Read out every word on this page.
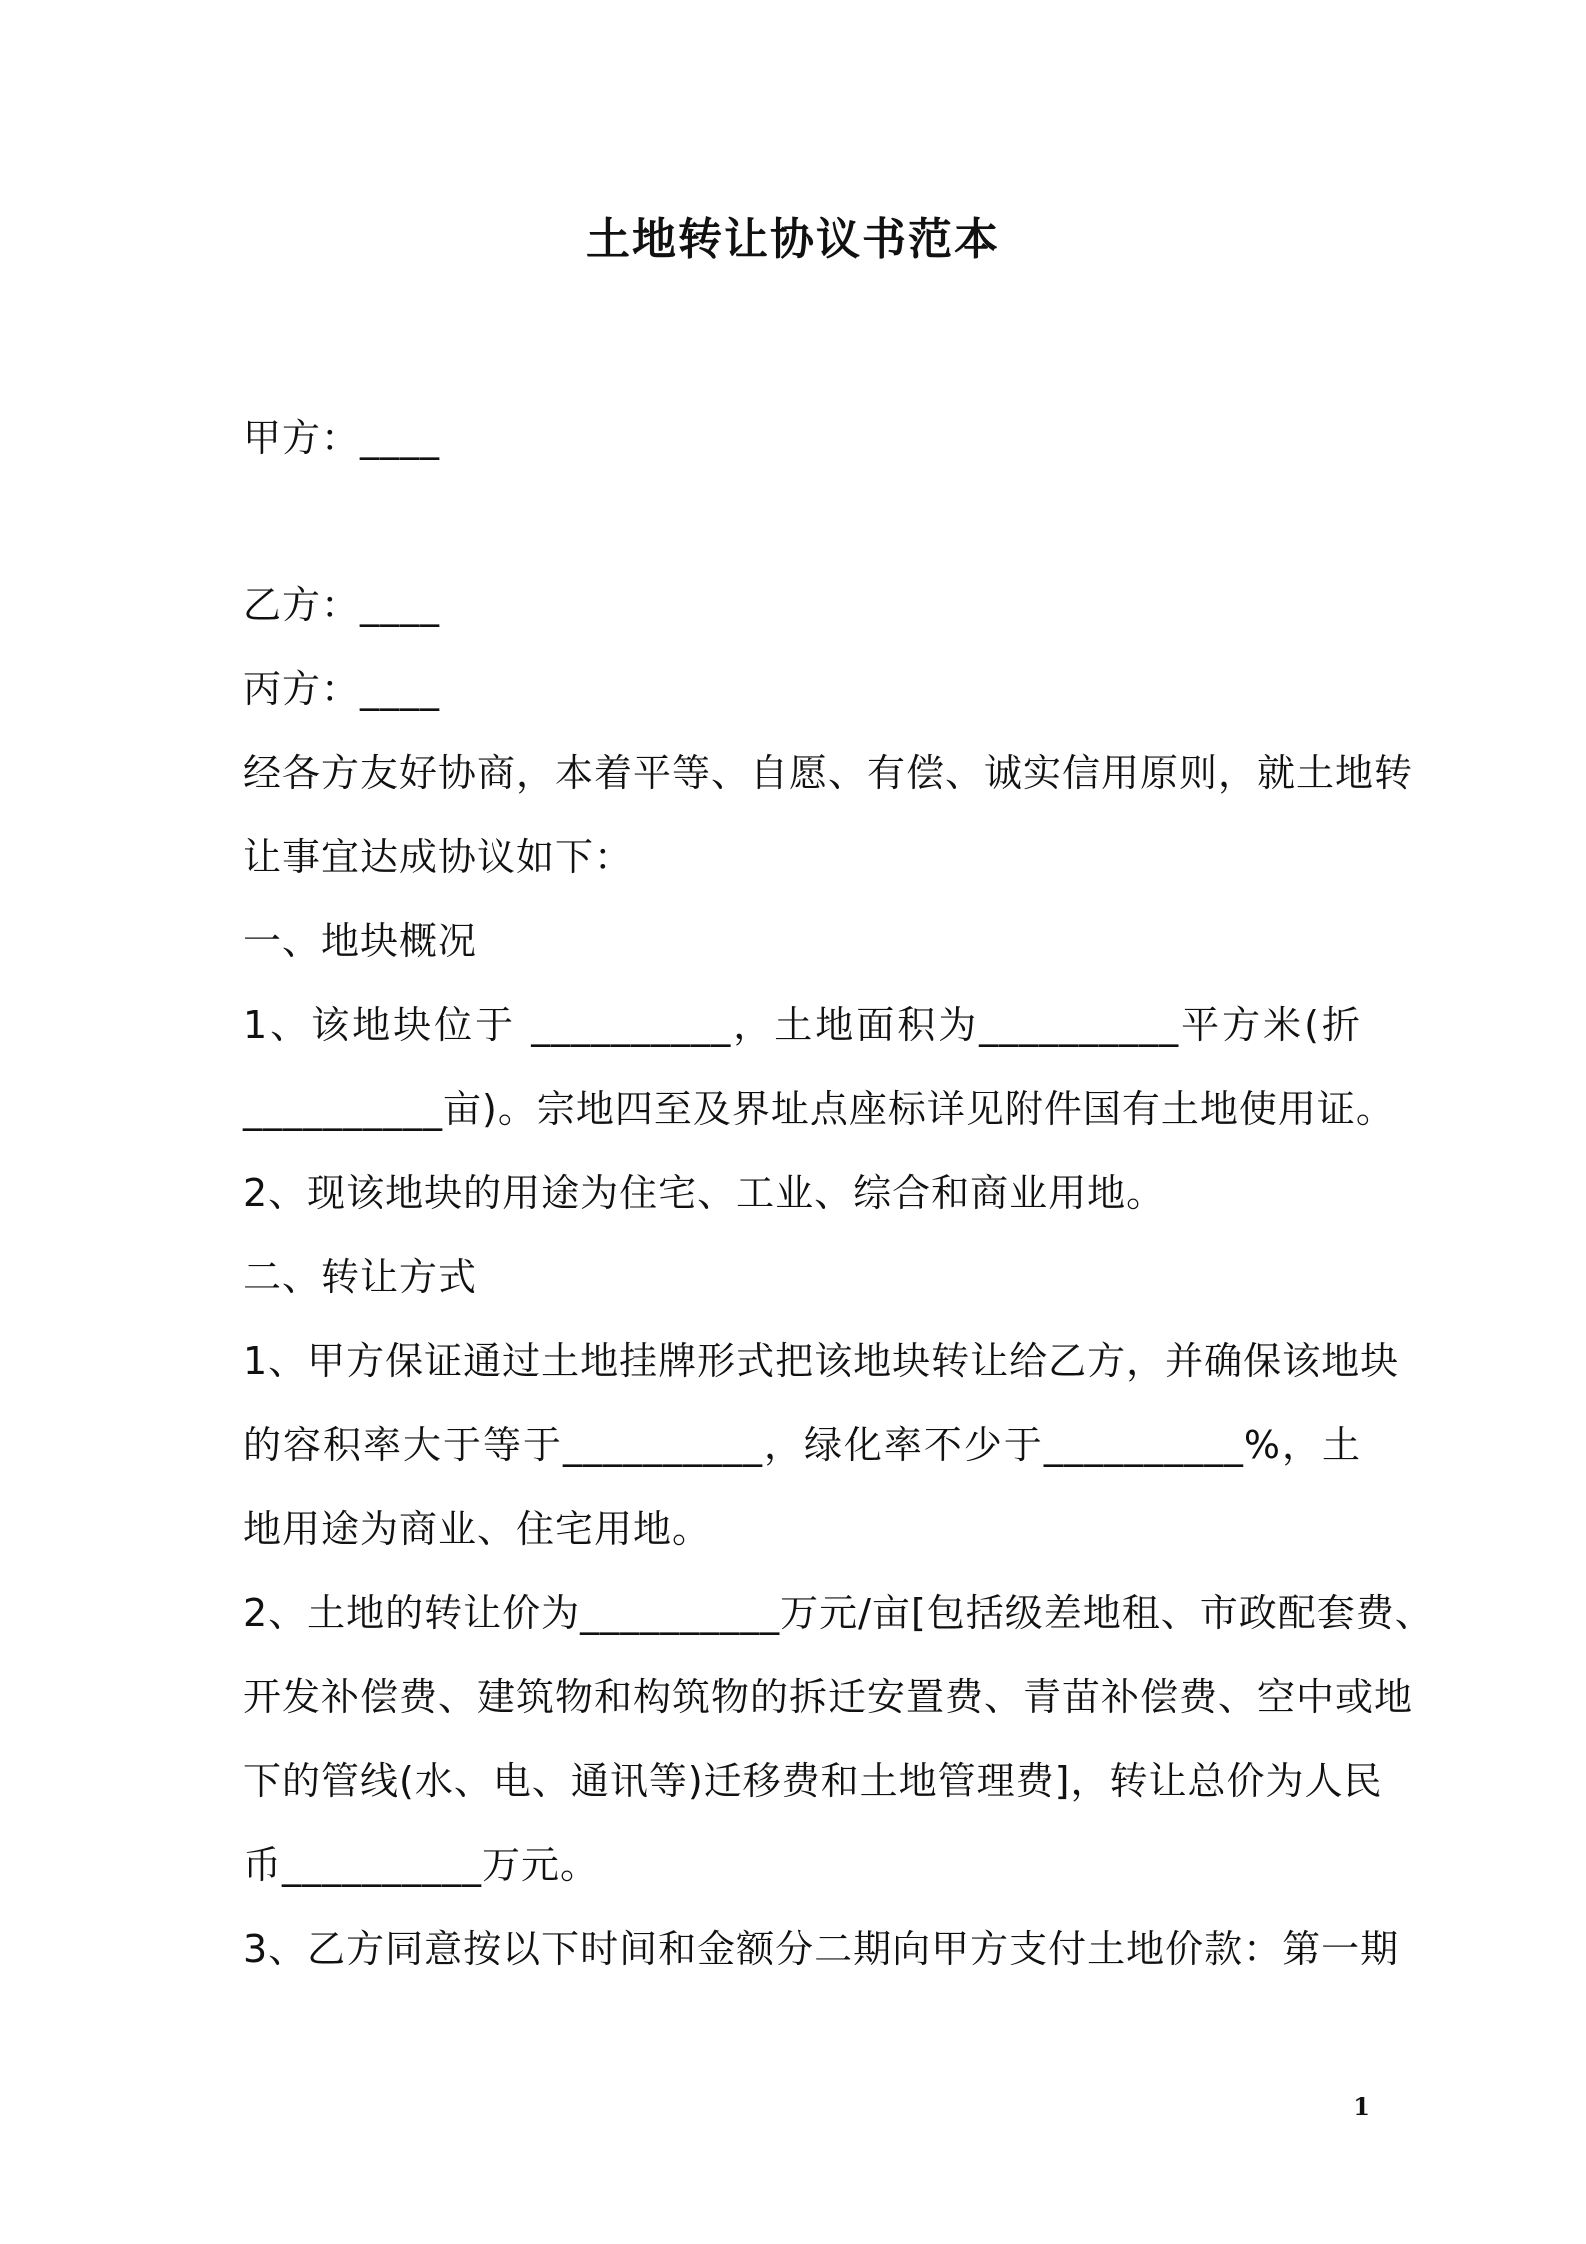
土地转让协议书范本

甲方：____

乙方：____

丙方：____

经各方友好协商，本着平等、自愿、有偿、诚实信用原则，就土地转

让事宜达成协议如下：

一、地块概况

1、该地块位于 __________，土地面积为__________平方米(折

__________亩)。宗地四至及界址点座标详见附件国有土地使用证。

2、现该地块的用途为住宅、工业、综合和商业用地。

二、转让方式

1、甲方保证通过土地挂牌形式把该地块转让给乙方，并确保该地块

的容积率大于等于__________，绿化率不少于__________%，土

地用途为商业、住宅用地。

2、土地的转让价为__________万元/亩[包括级差地租、市政配套费、

开发补偿费、建筑物和构筑物的拆迁安置费、青苗补偿费、空中或地

下的管线(水、电、通讯等)迁移费和土地管理费]，转让总价为人民

币__________万元。

3、乙方同意按以下时间和金额分二期向甲方支付土地价款：第一期

1
